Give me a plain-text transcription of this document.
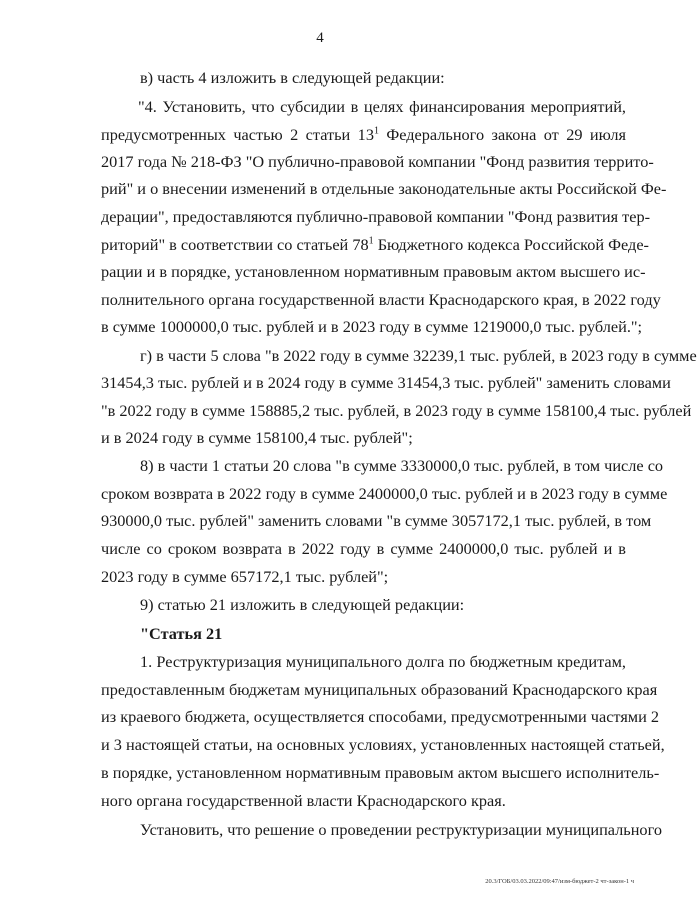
4
в) часть 4 изложить в следующей редакции:
"4. Установить, что субсидии в целях финансирования мероприятий,
предусмотренных частью 2 статьи $13^1$ Федерального закона от 29 июля
2017 года № 218-ФЗ "О публично-правовой компании "Фонд развития террито-
рий" и о внесении изменений в отдельные законодательные акты Российской Фе-
дерации", предоставляются публично-правовой компании "Фонд развития тер-
риторий" в соответствии со статьей $78^1$ Бюджетного кодекса Российской Феде-
рации и в порядке, установленном нормативным правовым актом высшего ис-
полнительного органа государственной власти Краснодарского края, в 2022 году
в сумме 1000000,0 тыс. рублей и в 2023 году в сумме 1219000,0 тыс. рублей.";
г) в части 5 слова "в 2022 году в сумме 32239,1 тыс. рублей, в 2023 году в сумме
31454,3 тыс. рублей и в 2024 году в сумме 31454,3 тыс. рублей" заменить словами
"в 2022 году в сумме 158885,2 тыс. рублей, в 2023 году в сумме 158100,4 тыс. рублей
и в 2024 году в сумме 158100,4 тыс. рублей";
8) в части 1 статьи 20 слова "в сумме 3330000,0 тыс. рублей, в том числе со
сроком возврата в 2022 году в сумме 2400000,0 тыс. рублей и в 2023 году в сумме
930000,0 тыс. рублей" заменить словами "в сумме 3057172,1 тыс. рублей, в том
числе со сроком возврата в 2022 году в сумме 2400000,0 тыс. рублей и в
2023 году в сумме 657172,1 тыс. рублей";
9) статью 21 изложить в следующей редакции:
"Статья 21
1. Реструктуризация муниципального долга по бюджетным кредитам,
предоставленным бюджетам муниципальных образований Краснодарского края
из краевого бюджета, осуществляется способами, предусмотренными частями 2
и 3 настоящей статьи, на основных условиях, установленных настоящей статьей,
в порядке, установленном нормативным правовым актом высшего исполнитель-
ного органа государственной власти Краснодарского края.
Установить, что решение о проведении реструктуризации муниципального
20.3/ГОБ/03.03.2022/09:47/изм-бюджет-2 чт-закон-1 ч
